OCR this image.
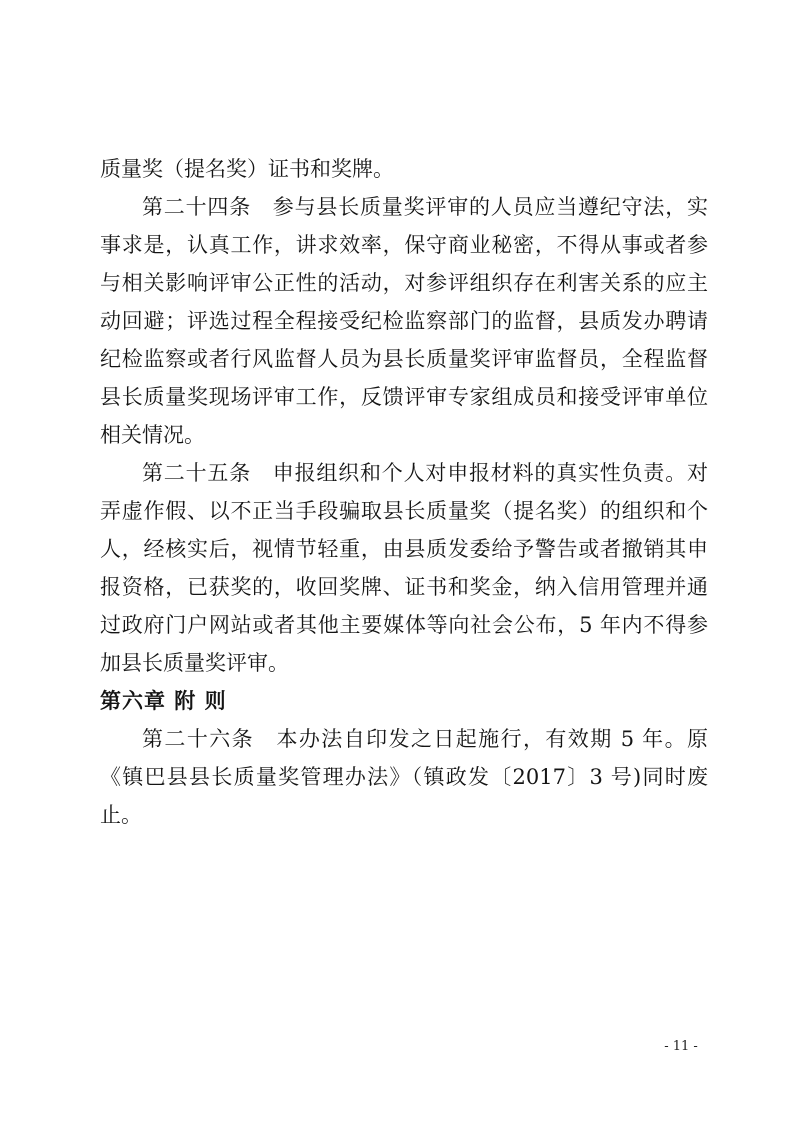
质量奖（提名奖）证书和奖牌。

第二十四条　参与县长质量奖评审的人员应当遵纪守法，实事求是，认真工作，讲求效率，保守商业秘密，不得从事或者参与相关影响评审公正性的活动，对参评组织存在利害关系的应主动回避；评选过程全程接受纪检监察部门的监督，县质发办聘请纪检监察或者行风监督人员为县长质量奖评审监督员，全程监督县长质量奖现场评审工作，反馈评审专家组成员和接受评审单位相关情况。

第二十五条　申报组织和个人对申报材料的真实性负责。对弄虚作假、以不正当手段骗取县长质量奖（提名奖）的组织和个人，经核实后，视情节轻重，由县质发委给予警告或者撤销其申报资格，已获奖的，收回奖牌、证书和奖金，纳入信用管理并通过政府门户网站或者其他主要媒体等向社会公布，5 年内不得参加县长质量奖评审。

第六章 附 则

第二十六条　本办法自印发之日起施行，有效期 5 年。原《镇巴县县长质量奖管理办法》（镇政发〔2017〕3 号)同时废止。

- 11 -
